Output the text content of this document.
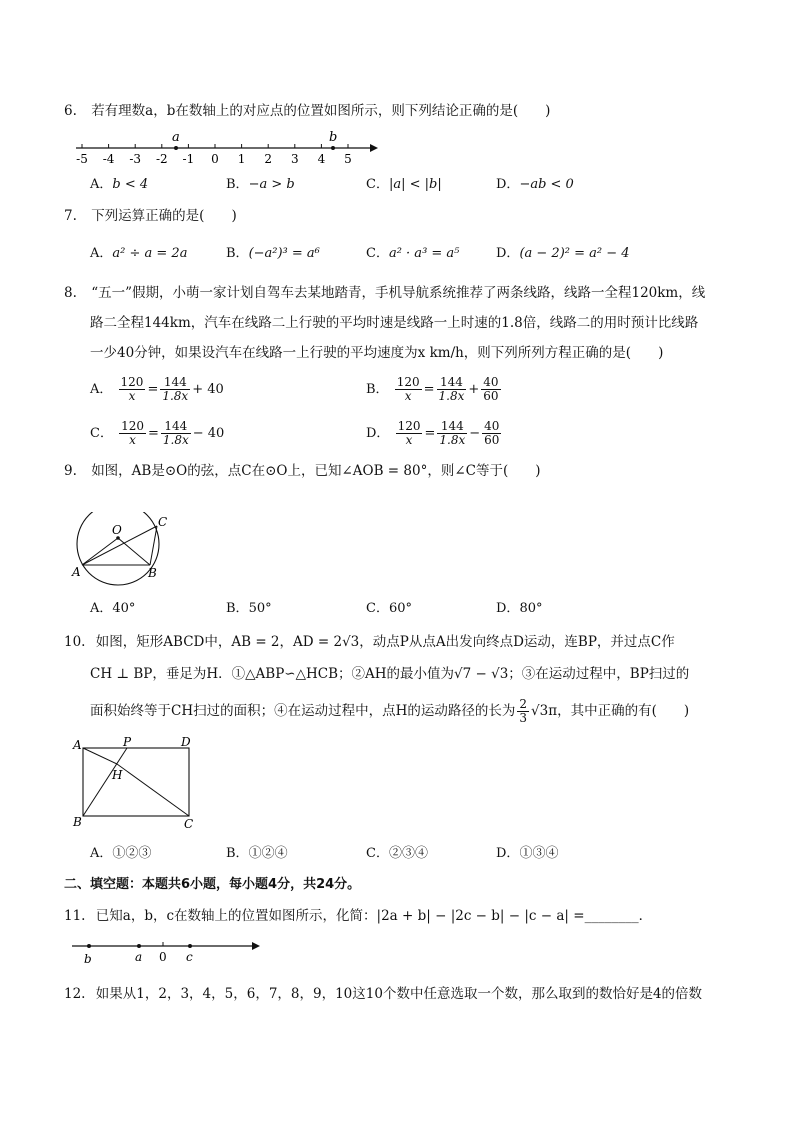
6. 若有理数a，b在数轴上的对应点的位置如图所示，则下列结论正确的是(　　)
-5 -4 -3 -2 -1 0 1 2 3 4 5
a	b
A．b < 4	B．−a > b	C．|a| < |b|	D．−ab < 0
7. 下列运算正确的是(　　)
A．a² ÷ a = 2a	B．(−a²)³ = a⁶	C．a² · a³ = a⁵	D．(a − 2)² = a² − 4
8. “五一”假期，小萌一家计划自驾车去某地踏青，手机导航系统推荐了两条线路，线路一全程120km，线
路二全程144km，汽车在线路二上行驶的平均时速是线路一上时速的1.8倍，线路二的用时预计比线路
一少40分钟，如果设汽车在线路一上行驶的平均速度为x km/h，则下列所列方程正确的是(　　)
A． $\frac{120}{x} = \frac{144}{1.8x} + 40$	B． $\frac{120}{x} = \frac{144}{1.8x} + \frac{40}{60}$
C． $\frac{120}{x} = \frac{144}{1.8x} - 40$	D． $\frac{120}{x} = \frac{144}{1.8x} - \frac{40}{60}$
9. 如图，AB是⊙O的弦，点C在⊙O上，已知∠AOB = 80°，则∠C等于(　　)
O
A	B
C
A．40°	B．50°	C．60°	D．80°
10. 如图，矩形ABCD中，AB = 2，AD = 2√3，动点P从点A出发向终点D运动，连BP，并过点C作
CH ⊥ BP，垂足为H．①△ABP∽△HCB；②AH的最小值为√7 − √3；③在运动过程中，BP扫过的
面积始终等于CH扫过的面积；④在运动过程中，点H的运动路径的长为 $\frac{2}{3} √3\pi$，其中正确的有(　　)
A	P	D
H
B	C
A．①②③	B．①②④	C．②③④	D．①③④
二、填空题：本题共6小题，每小题4分，共24分。
11. 已知a，b，c在数轴上的位置如图所示，化简：|2a + b| − |2c − b| − |c − a| =________．
b	a 0 c
12. 如果从1，2，3，4，5，6，7，8，9，10这10个数中任意选取一个数，那么取到的数恰好是4的倍数
